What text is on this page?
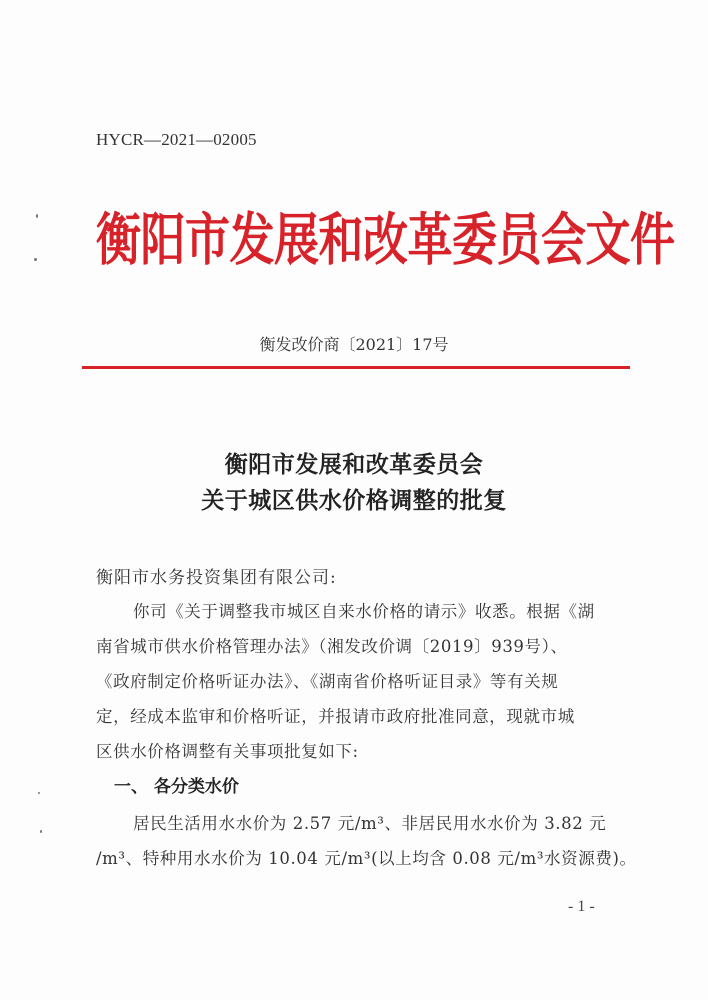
HYCR—2021—02005
衡阳市发展和改革委员会文件
衡发改价商〔2021〕17号
衡阳市发展和改革委员会
关于城区供水价格调整的批复
衡阳市水务投资集团有限公司:
你司《关于调整我市城区自来水价格的请示》收悉。根据《湖
南省城市供水价格管理办法》（湘发改价调〔2019〕939号）、
《政府制定价格听证办法》、《湖南省价格听证目录》等有关规
定，经成本监审和价格听证，并报请市政府批准同意，现就市城
区供水价格调整有关事项批复如下:
一、 各分类水价
居民生活用水水价为 2.57 元/m³、非居民用水水价为 3.82 元
/m³、特种用水水价为 10.04 元/m³(以上均含 0.08 元/m³水资源费)。
- 1 -
